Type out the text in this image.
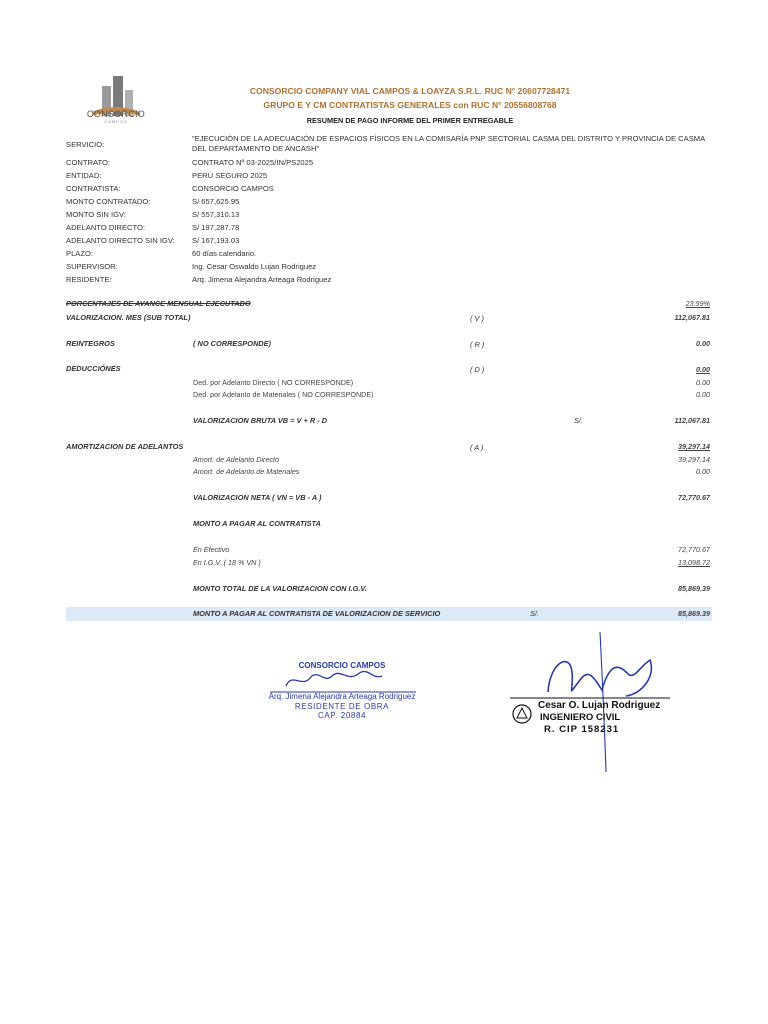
CONSORCIO
CAMPOS
CONSORCIO COMPANY VIAL CAMPOS & LOAYZA S.R.L. RUC N° 20607728471
GRUPO E Y CM CONTRATISTAS GENERALES con RUC N° 20556808768
RESUMEN DE PAGO INFORME DEL PRIMER ENTREGABLE
SERVICIO:
"EJECUCIÓN DE LA ADECUACIÓN DE ESPACIOS FÍSICOS EN LA COMISARÍA PNP SECTORIAL CASMA DEL DISTRITO Y PROVINCIA DE CASMA DEL DEPARTAMENTO DE ANCASH"
CONTRATO:	CONTRATO Nº 03-2025/IN/PS2025
ENTIDAD:	PERÚ SEGURO 2025
CONTRATISTA:	CONSORCIO CAMPOS
MONTO CONTRATADO:	S/ 657,625.95
MONTO SIN IGV:	S/ 557,310.13
ADELANTO DIRECTO:	S/ 197,287.78
ADELANTO DIRECTO SIN IGV: S/ 167,193.03
PLAZO:	60 días calendario.
SUPERVISOR:	Ing. Cesar Oswaldo Lujan Rodriguez
RESIDENTE:	Arq. Jimena Alejandra Arteaga Rodriguez
PORCENTAJES DE AVANCE MENSUAL EJECUTADO	23.59%
VALORIZACION. MES (SUB TOTAL)	( V )	112,067.81
REINTEGROS	( NO CORRESPONDE)	( R )	0.00
DEDUCCIÓNES	( D )	0.00
Ded. por Adelanto Directo ( NO CORRESPONDE)	0.00
Ded. por Adelanto de Materiales ( NO CORRESPONDE)	0.00
VALORIZACION BRUTA VB = V + R - D	S/.	112,067.81
AMORTIZACION DE ADELANTOS	( A )	39,297.14
Amort. de Adelanto Directo	39,297.14
Amort. de Adelanto de Materiales	0.00
VALORIZACION NETA ( VN = VB - A )	72,770.67
MONTO A PAGAR AL CONTRATISTA
En Efectivo	72,770.67
En I.G.V. ( 18 % VN )	13,098.72
MONTO TOTAL DE LA VALORIZACION CON I.G.V.	85,869.39
MONTO A PAGAR AL CONTRATISTA DE VALORIZACION DE SERVICIO	S/.	85,869.39
CONSORCIO CAMPOS
Arq. Jimena Alejandra Arteaga Rodriguez
RESIDENTE DE OBRA
CAP. 20884
Cesar O. Lujan Rodriguez
INGENIERO CIVIL
R. CIP 158231
